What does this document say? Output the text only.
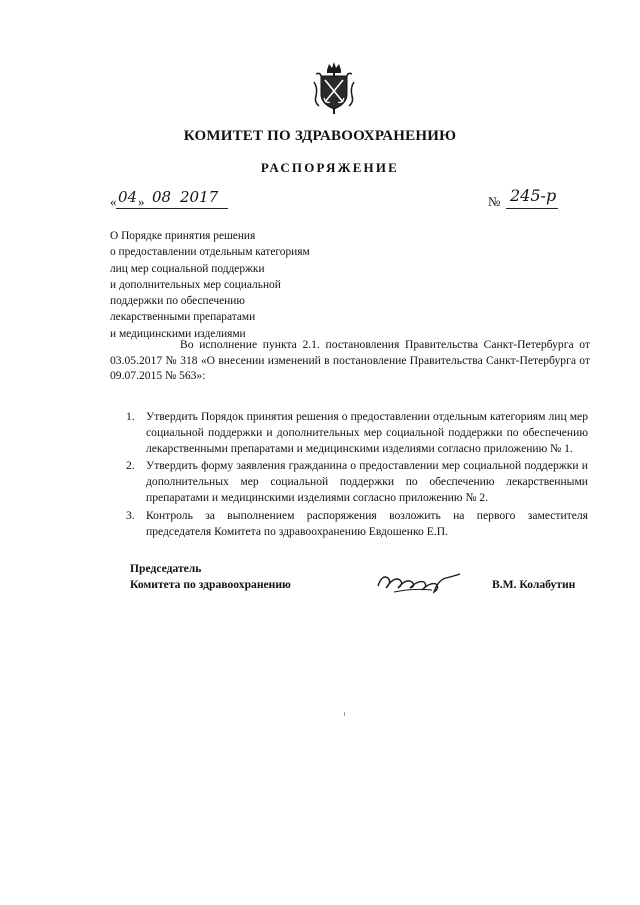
КОМИТЕТ ПО ЗДРАВООХРАНЕНИЮ
РАСПОРЯЖЕНИЕ
« 04 » 08 2017	№ 245-р
О Порядке принятия решения
о предоставлении отдельным категориям
лиц мер социальной поддержки
и дополнительных мер социальной
поддержки по обеспечению
лекарственными препаратами
и медицинскими изделиями

Во исполнение пункта 2.1. постановления Правительства Санкт-Петербурга от 03.05.2017 № 318 «О внесении изменений в постановление Правительства Санкт-Петербурга от 09.07.2015 № 563»:

1. Утвердить Порядок принятия решения о предоставлении отдельным категориям лиц мер социальной поддержки и дополнительных мер социальной поддержки по обеспечению лекарственными препаратами и медицинскими изделиями согласно приложению № 1.
2. Утвердить форму заявления гражданина о предоставлении мер социальной поддержки и дополнительных мер социальной поддержки по обеспечению лекарственными препаратами и медицинскими изделиями согласно приложению № 2.
3. Контроль за выполнением распоряжения возложить на первого заместителя председателя Комитета по здравоохранению Евдошенко Е.П.
Председатель
Комитета по здравоохранению	В.М. Колабутин
